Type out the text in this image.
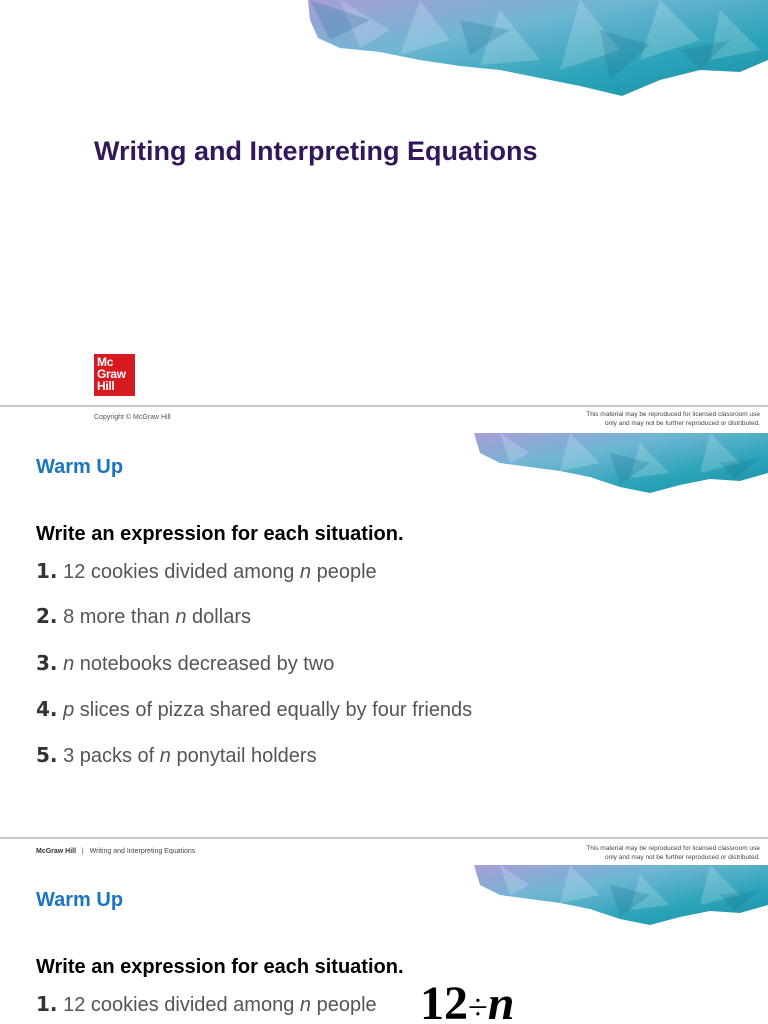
Writing and Interpreting Equations
Mc
Graw
Hill
Copyright © McGraw Hill	This material may be reproduced for licensed classroom use
only and may not be further reproduced or distributed.
Warm Up
Write an expression for each situation.
1. 12 cookies divided among n people
2. 8 more than n dollars
3. n notebooks decreased by two
4. p slices of pizza shared equally by four friends
5. 3 packs of n ponytail holders
McGraw Hill | Writing and Interpreting Equations	This material may be reproduced for licensed classroom use
only and may not be further reproduced or distributed.
Warm Up
Write an expression for each situation.
1. 12 cookies divided among n people 12÷n
